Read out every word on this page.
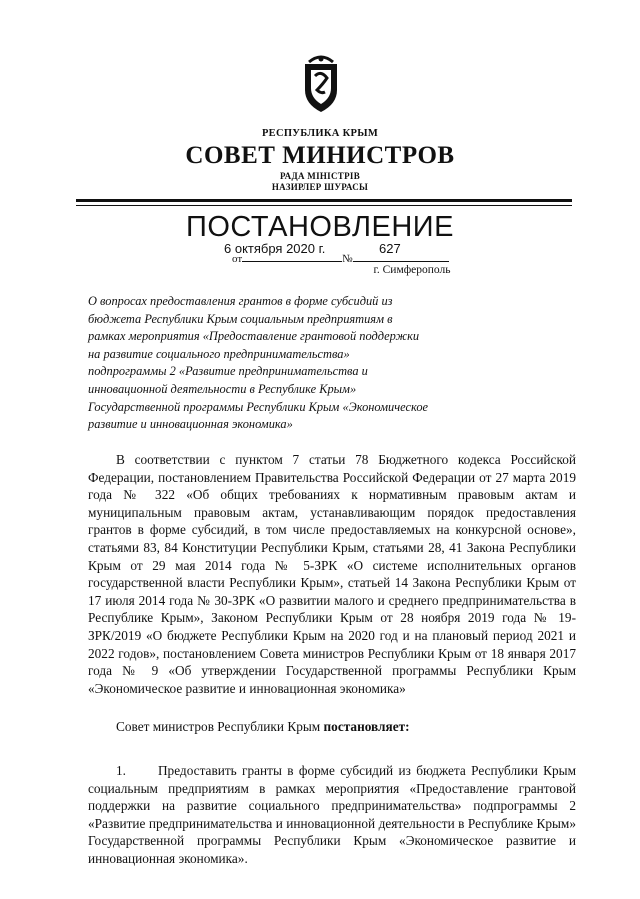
РЕСПУБЛИКА КРЫМ
СОВЕТ МИНИСТРОВ
РАДА МІНІСТРІВ
НАЗИРЛЕР ШУРАСЫ
ПОСТАНОВЛЕНИЕ
6 октября 2020 г.	627
от	№
г. Симферополь
О вопросах предоставления грантов в форме субсидий из бюджета Республики Крым социальным предприятиям в рамках мероприятия «Предоставление грантовой поддержки на развитие социального предпринимательства» подпрограммы 2 «Развитие предпринимательства и инновационной деятельности в Республике Крым» Государственной программы Республики Крым «Экономическое развитие и инновационная экономика»

В соответствии с пунктом 7 статьи 78 Бюджетного кодекса Российской Федерации, постановлением Правительства Российской Федерации от 27 марта 2019 года № 322 «Об общих требованиях к нормативным правовым актам и муниципальным правовым актам, устанавливающим порядок предоставления грантов в форме субсидий, в том числе предоставляемых на конкурсной основе», статьями 83, 84 Конституции Республики Крым, статьями 28, 41 Закона Республики Крым от 29 мая 2014 года № 5-ЗРК «О системе исполнительных органов государственной власти Республики Крым», статьей 14 Закона Республики Крым от 17 июля 2014 года № 30-ЗРК «О развитии малого и среднего предпринимательства в Республике Крым», Законом Республики Крым от 28 ноября 2019 года № 19-ЗРК/2019 «О бюджете Республики Крым на 2020 год и на плановый период 2021 и 2022 годов», постановлением Совета министров Республики Крым от 18 января 2017 года № 9 «Об утверждении Государственной программы Республики Крым «Экономическое развитие и инновационная экономика»

Совет министров Республики Крым постановляет:

1. Предоставить гранты в форме субсидий из бюджета Республики Крым социальным предприятиям в рамках мероприятия «Предоставление грантовой поддержки на развитие социального предпринимательства» подпрограммы 2 «Развитие предпринимательства и инновационной деятельности в Республике Крым» Государственной программы Республики Крым «Экономическое развитие и инновационная экономика».
